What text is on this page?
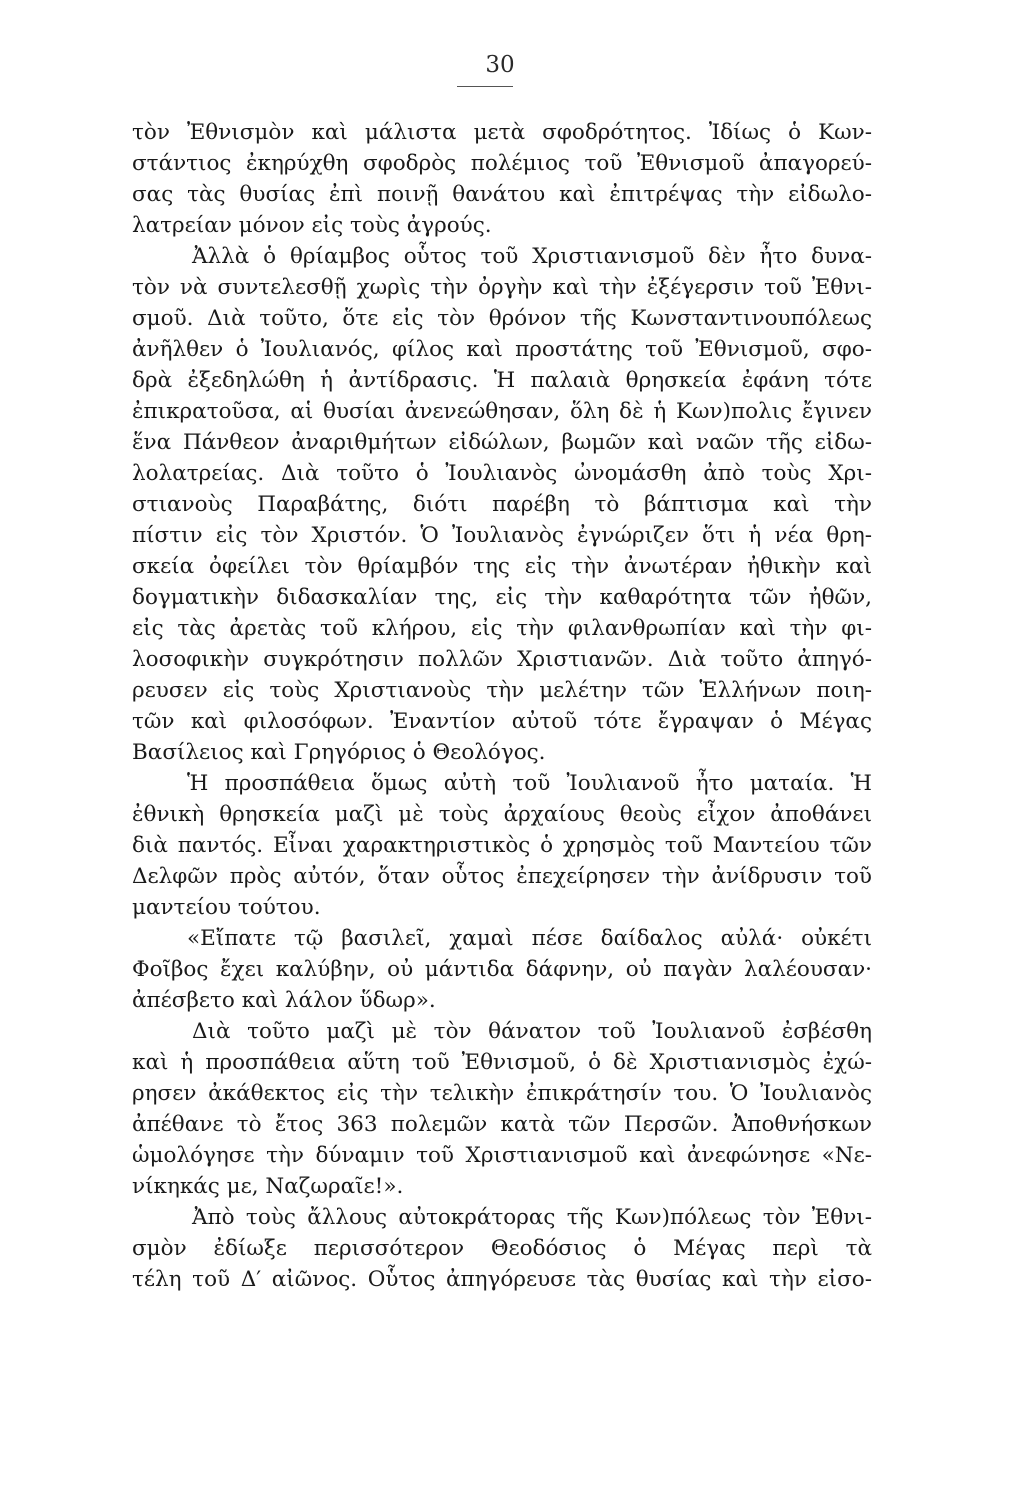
30
τὸν Ἐθνισμὸν καὶ μάλιστα μετὰ σφοδρότητος. Ἰδίως ὁ Κων-
στάντιος ἐκηρύχθη σφοδρὸς πολέμιος τοῦ Ἐθνισμοῦ ἀπαγορεύ-
σας τὰς θυσίας ἐπὶ ποινῇ θανάτου καὶ ἐπιτρέψας τὴν εἰδωλο-
λατρείαν μόνον εἰς τοὺς ἀγρούς.
Ἀλλὰ ὁ θρίαμβος οὗτος τοῦ Χριστιανισμοῦ δὲν ἦτο δυνα-
τὸν νὰ συντελεσθῇ χωρὶς τὴν ὀργὴν καὶ τὴν ἐξέγερσιν τοῦ Ἐθνι-
σμοῦ. Διὰ τοῦτο, ὅτε εἰς τὸν θρόνον τῆς Κωνσταντινουπόλεως
ἀνῆλθεν ὁ Ἰουλιανός, φίλος καὶ προστάτης τοῦ Ἐθνισμοῦ, σφο-
δρὰ ἐξεδηλώθη ἡ ἀντίδρασις. Ἡ παλαιὰ θρησκεία ἐφάνη τότε
ἐπικρατοῦσα, αἱ θυσίαι ἀνενεώθησαν, ὅλη δὲ ἡ Κων)πολις ἔγινεν
ἕνα Πάνθεον ἀναριθμήτων εἰδώλων, βωμῶν καὶ ναῶν τῆς εἰδω-
λολατρείας. Διὰ τοῦτο ὁ Ἰουλιανὸς ὠνομάσθη ἀπὸ τοὺς Χρι-
στιανοὺς Παραβάτης, διότι παρέβη τὸ βάπτισμα καὶ τὴν
πίστιν εἰς τὸν Χριστόν. Ὁ Ἰουλιανὸς ἐγνώριζεν ὅτι ἡ νέα θρη-
σκεία ὀφείλει τὸν θρίαμβόν της εἰς τὴν ἀνωτέραν ἠθικὴν καὶ
δογματικὴν διδασκαλίαν της, εἰς τὴν καθαρότητα τῶν ἠθῶν,
εἰς τὰς ἀρετὰς τοῦ κλήρου, εἰς τὴν φιλανθρωπίαν καὶ τὴν φι-
λοσοφικὴν συγκρότησιν πολλῶν Χριστιανῶν. Διὰ τοῦτο ἀπηγό-
ρευσεν εἰς τοὺς Χριστιανοὺς τὴν μελέτην τῶν Ἑλλήνων ποιη-
τῶν καὶ φιλοσόφων. Ἐναντίον αὐτοῦ τότε ἔγραψαν ὁ Μέγας
Βασίλειος καὶ Γρηγόριος ὁ Θεολόγος.
Ἡ προσπάθεια ὅμως αὐτὴ τοῦ Ἰουλιανοῦ ἦτο ματαία. Ἡ
ἐθνικὴ θρησκεία μαζὶ μὲ τοὺς ἀρχαίους θεοὺς εἶχον ἀποθάνει
διὰ παντός. Εἶναι χαρακτηριστικὸς ὁ χρησμὸς τοῦ Μαντείου τῶν
Δελφῶν πρὸς αὐτόν, ὅταν οὗτος ἐπεχείρησεν τὴν ἀνίδρυσιν τοῦ
μαντείου τούτου.
«Εἴπατε τῷ βασιλεῖ, χαμαὶ πέσε δαίδαλος αὐλά· οὐκέτι
Φοῖβος ἔχει καλύβην, οὐ μάντιδα δάφνην, οὐ παγὰν λαλέουσαν·
ἀπέσβετο καὶ λάλον ὕδωρ».
Διὰ τοῦτο μαζὶ μὲ τὸν θάνατον τοῦ Ἰουλιανοῦ ἐσβέσθη
καὶ ἡ προσπάθεια αὕτη τοῦ Ἐθνισμοῦ, ὁ δὲ Χριστιανισμὸς ἐχώ-
ρησεν ἀκάθεκτος εἰς τὴν τελικὴν ἐπικράτησίν του. Ὁ Ἰουλιανὸς
ἀπέθανε τὸ ἔτος 363 πολεμῶν κατὰ τῶν Περσῶν. Ἀποθνήσκων
ὡμολόγησε τὴν δύναμιν τοῦ Χριστιανισμοῦ καὶ ἀνεφώνησε «Νε-
νίκηκάς με, Ναζωραῖε!».
Ἀπὸ τοὺς ἄλλους αὐτοκράτορας τῆς Κων)πόλεως τὸν Ἐθνι-
σμὸν ἐδίωξε περισσότερον Θεοδόσιος ὁ Μέγας περὶ τὰ
τέλη τοῦ Δ′ αἰῶνος. Οὗτος ἀπηγόρευσε τὰς θυσίας καὶ τὴν εἰσο-
